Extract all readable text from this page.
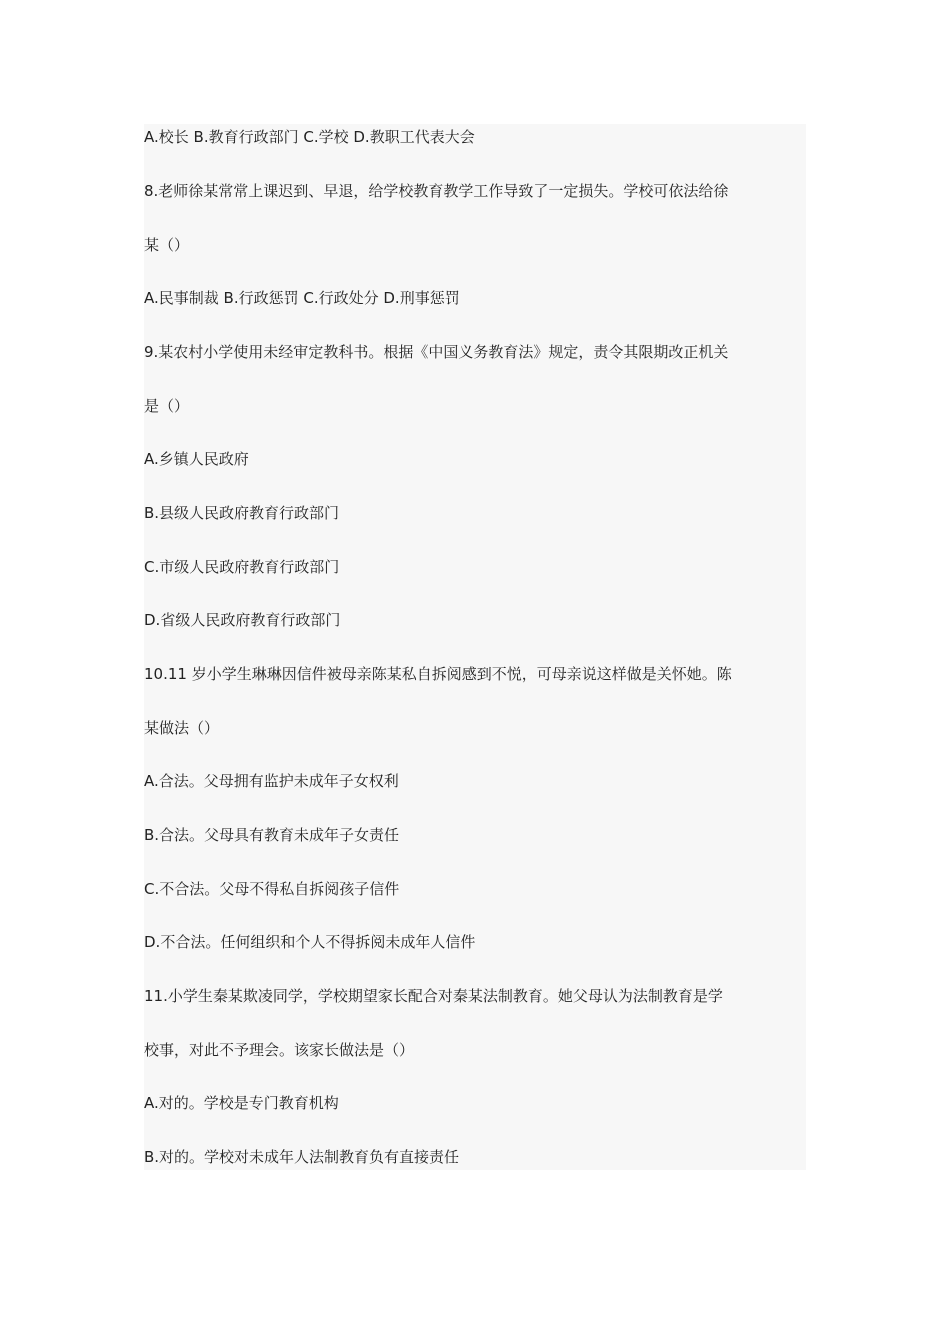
A.校长 B.教育行政部门 C.学校 D.教职工代表大会
8.老师徐某常常上课迟到、早退，给学校教育教学工作导致了一定损失。学校可依法给徐
某（）
A.民事制裁 B.行政惩罚 C.行政处分 D.刑事惩罚
9.某农村小学使用未经审定教科书。根据《中国义务教育法》规定，责令其限期改正机关
是（）
A.乡镇人民政府
B.县级人民政府教育行政部门
C.市级人民政府教育行政部门
D.省级人民政府教育行政部门
10.11 岁小学生琳琳因信件被母亲陈某私自拆阅感到不悦，可母亲说这样做是关怀她。陈
某做法（）
A.合法。父母拥有监护未成年子女权利
B.合法。父母具有教育未成年子女责任
C.不合法。父母不得私自拆阅孩子信件
D.不合法。任何组织和个人不得拆阅未成年人信件
11.小学生秦某欺凌同学，学校期望家长配合对秦某法制教育。她父母认为法制教育是学
校事，对此不予理会。该家长做法是（）
A.对的。学校是专门教育机构
B.对的。学校对未成年人法制教育负有直接责任
